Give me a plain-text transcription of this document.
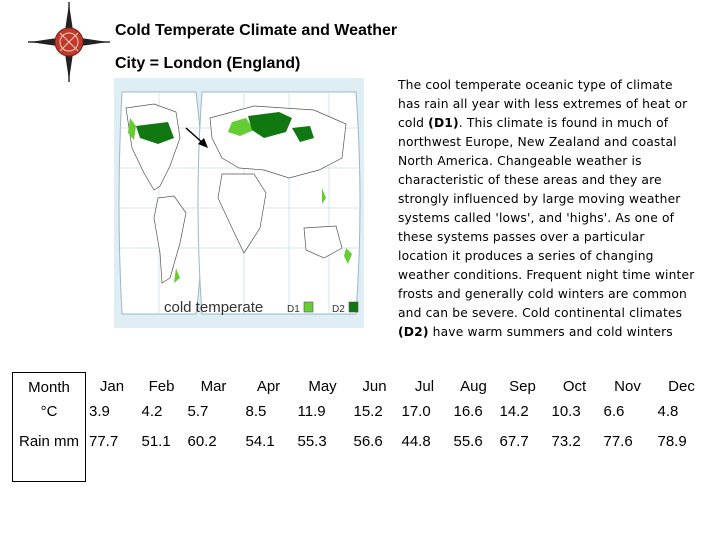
Cold Temperate Climate and Weather
City = London (England)
cold temperate D1	D2
The cool temperate oceanic type of climate has rain all year with less extremes of heat or cold (D1). This climate is found in much of northwest Europe, New Zealand and coastal North America. Changeable weather is characteristic of these areas and they are strongly influenced by large moving weather systems called 'lows', and 'highs'. As one of these systems passes over a particular location it produces a series of changing weather conditions. Frequent night time winter frosts and generally cold winters are common and can be severe. Cold continental climates (D2) have warm summers and cold winters
Month	Jan	Feb	Mar	Apr	May	Jun	Jul	Aug	Sep	Oct	Nov	Dec
°C	3.9	4.2	5.7	8.5	11.9	15.2	17.0	16.6	14.2	10.3	6.6	4.8
Rain mm	77.7	51.1	60.2	54.1	55.3	56.6	44.8	55.6	67.7	73.2	77.6	78.9
